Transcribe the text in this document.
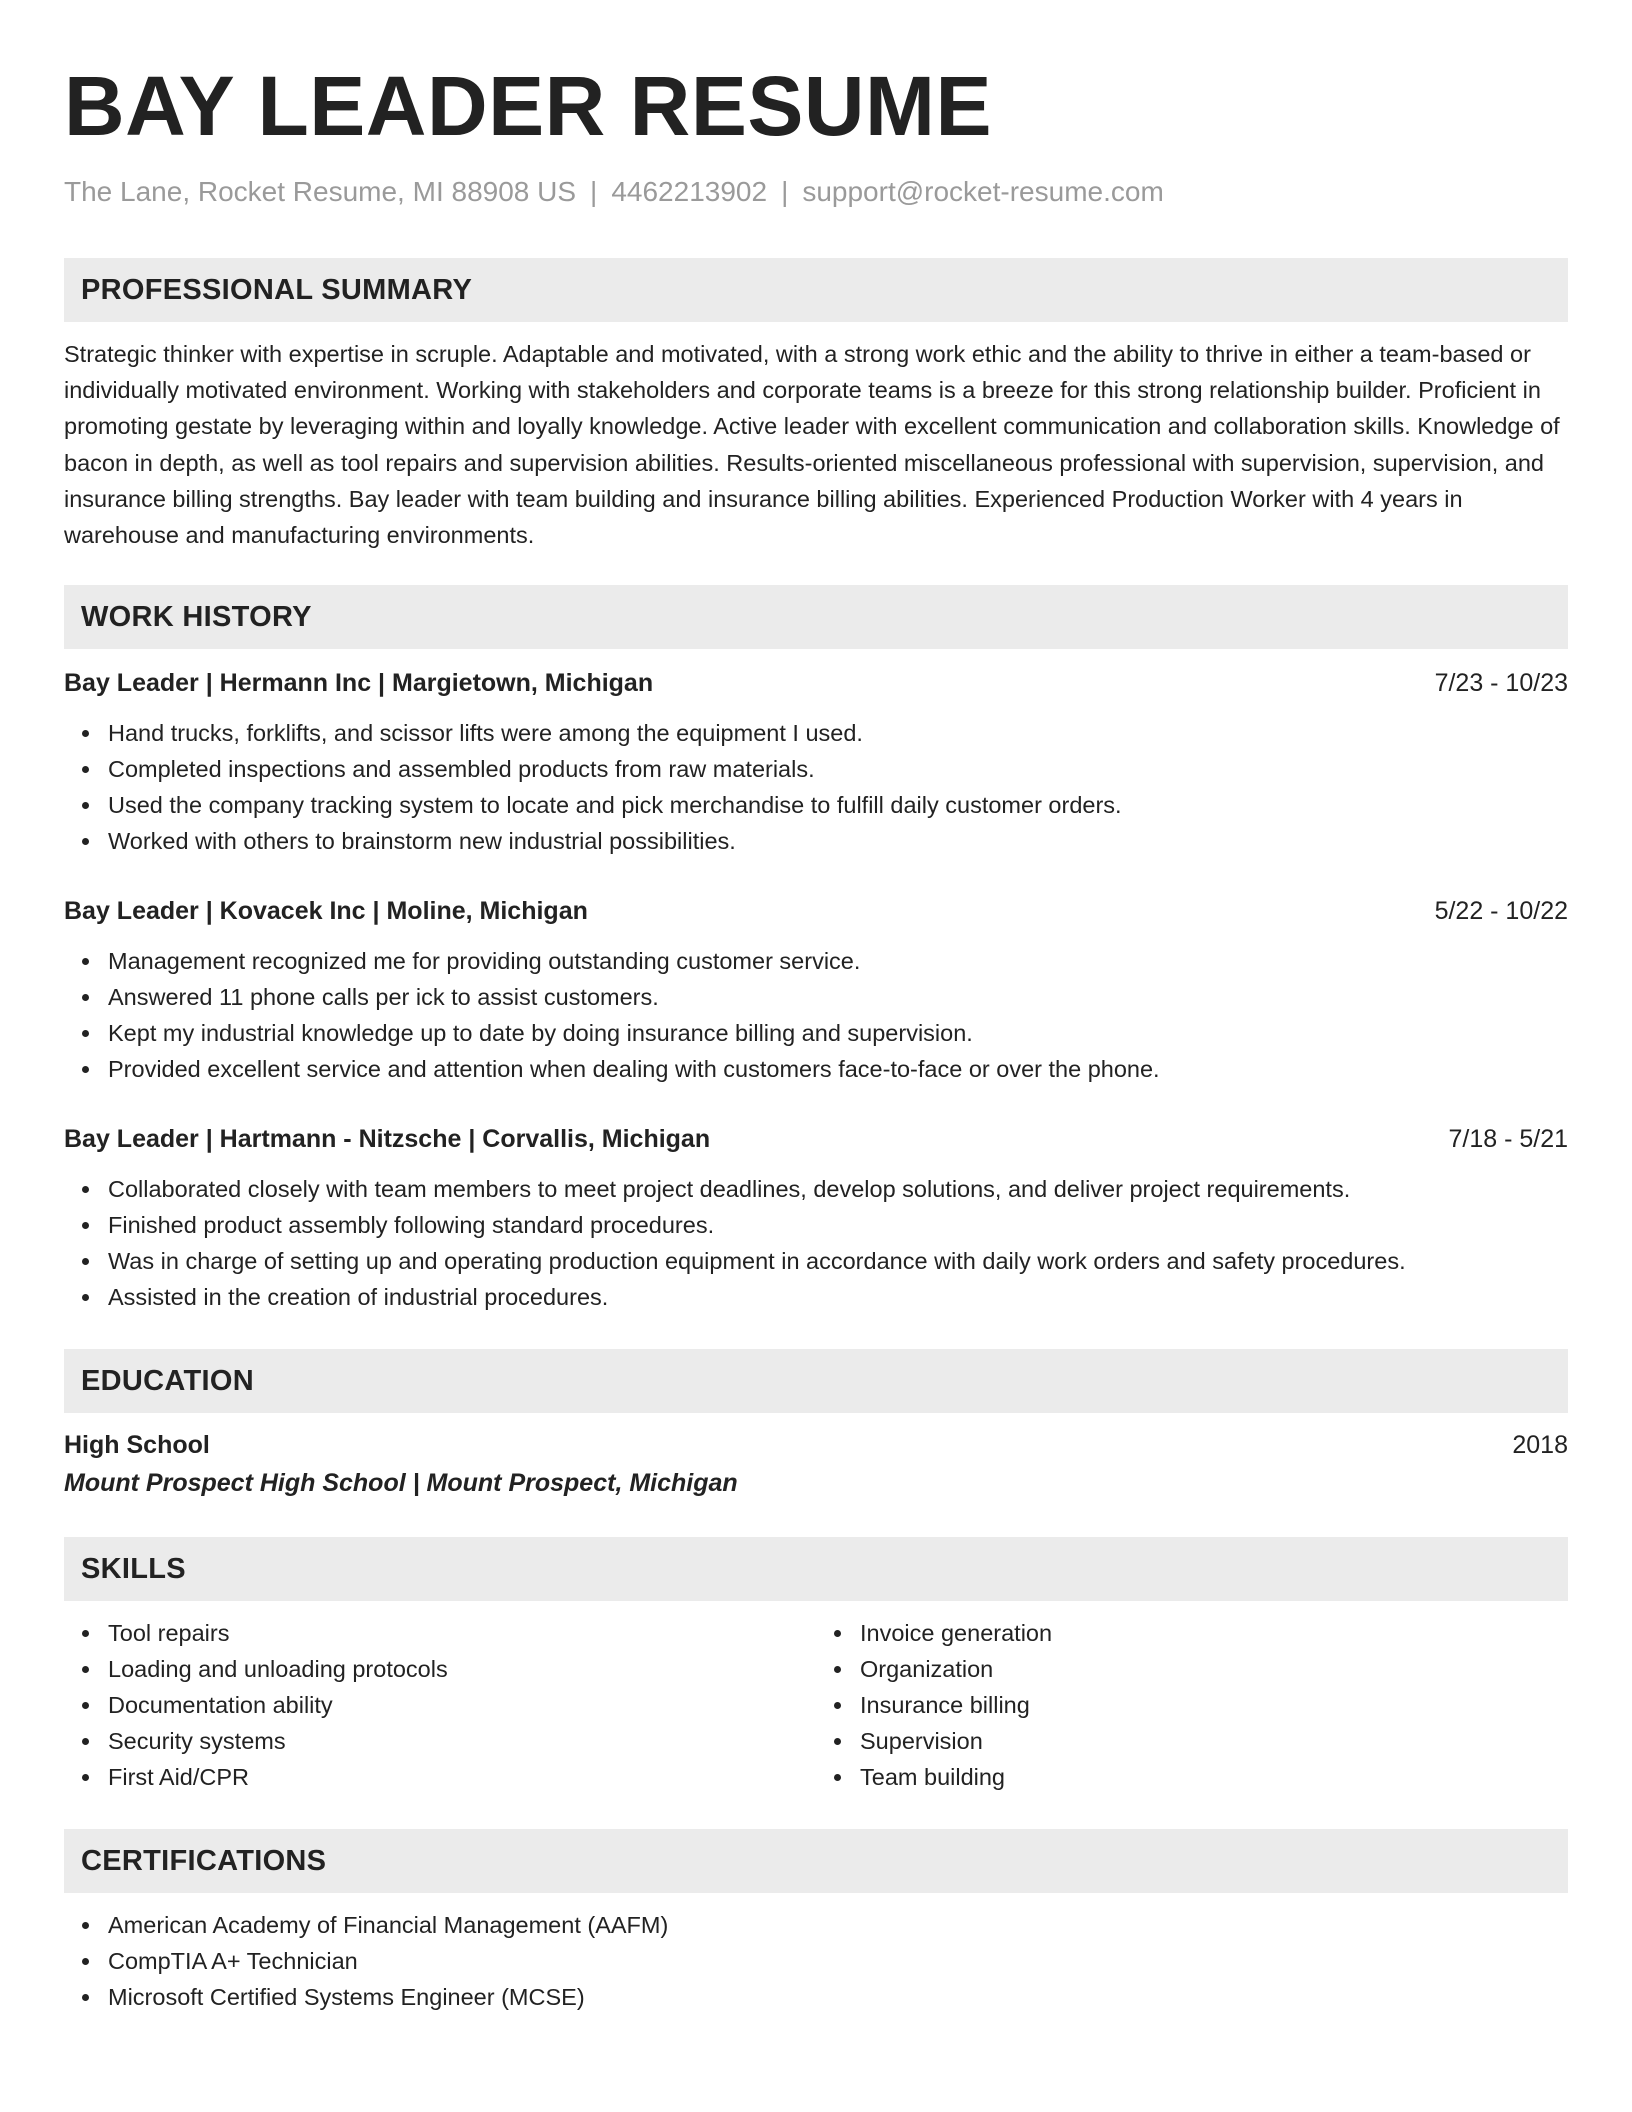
BAY LEADER RESUME
The Lane, Rocket Resume, MI 88908 US | 4462213902 | support@rocket-resume.com
PROFESSIONAL SUMMARY
Strategic thinker with expertise in scruple. Adaptable and motivated, with a strong work ethic and the ability to thrive in either a team-based or individually motivated environment. Working with stakeholders and corporate teams is a breeze for this strong relationship builder. Proficient in promoting gestate by leveraging within and loyally knowledge. Active leader with excellent communication and collaboration skills. Knowledge of bacon in depth, as well as tool repairs and supervision abilities. Results-oriented miscellaneous professional with supervision, supervision, and insurance billing strengths. Bay leader with team building and insurance billing abilities. Experienced Production Worker with 4 years in warehouse and manufacturing environments.
WORK HISTORY
Bay Leader | Hermann Inc | Margietown, Michigan	7/23 - 10/23
Hand trucks, forklifts, and scissor lifts were among the equipment I used.
Completed inspections and assembled products from raw materials.
Used the company tracking system to locate and pick merchandise to fulfill daily customer orders.
Worked with others to brainstorm new industrial possibilities.
Bay Leader | Kovacek Inc | Moline, Michigan	5/22 - 10/22
Management recognized me for providing outstanding customer service.
Answered 11 phone calls per ick to assist customers.
Kept my industrial knowledge up to date by doing insurance billing and supervision.
Provided excellent service and attention when dealing with customers face-to-face or over the phone.
Bay Leader | Hartmann - Nitzsche | Corvallis, Michigan	7/18 - 5/21
Collaborated closely with team members to meet project deadlines, develop solutions, and deliver project requirements.
Finished product assembly following standard procedures.
Was in charge of setting up and operating production equipment in accordance with daily work orders and safety procedures.
Assisted in the creation of industrial procedures.
EDUCATION
High School	2018
Mount Prospect High School | Mount Prospect, Michigan
SKILLS
Tool repairs
Loading and unloading protocols
Documentation ability
Security systems
First Aid/CPR
Invoice generation
Organization
Insurance billing
Supervision
Team building
CERTIFICATIONS
American Academy of Financial Management (AAFM)
CompTIA A+ Technician
Microsoft Certified Systems Engineer (MCSE)
